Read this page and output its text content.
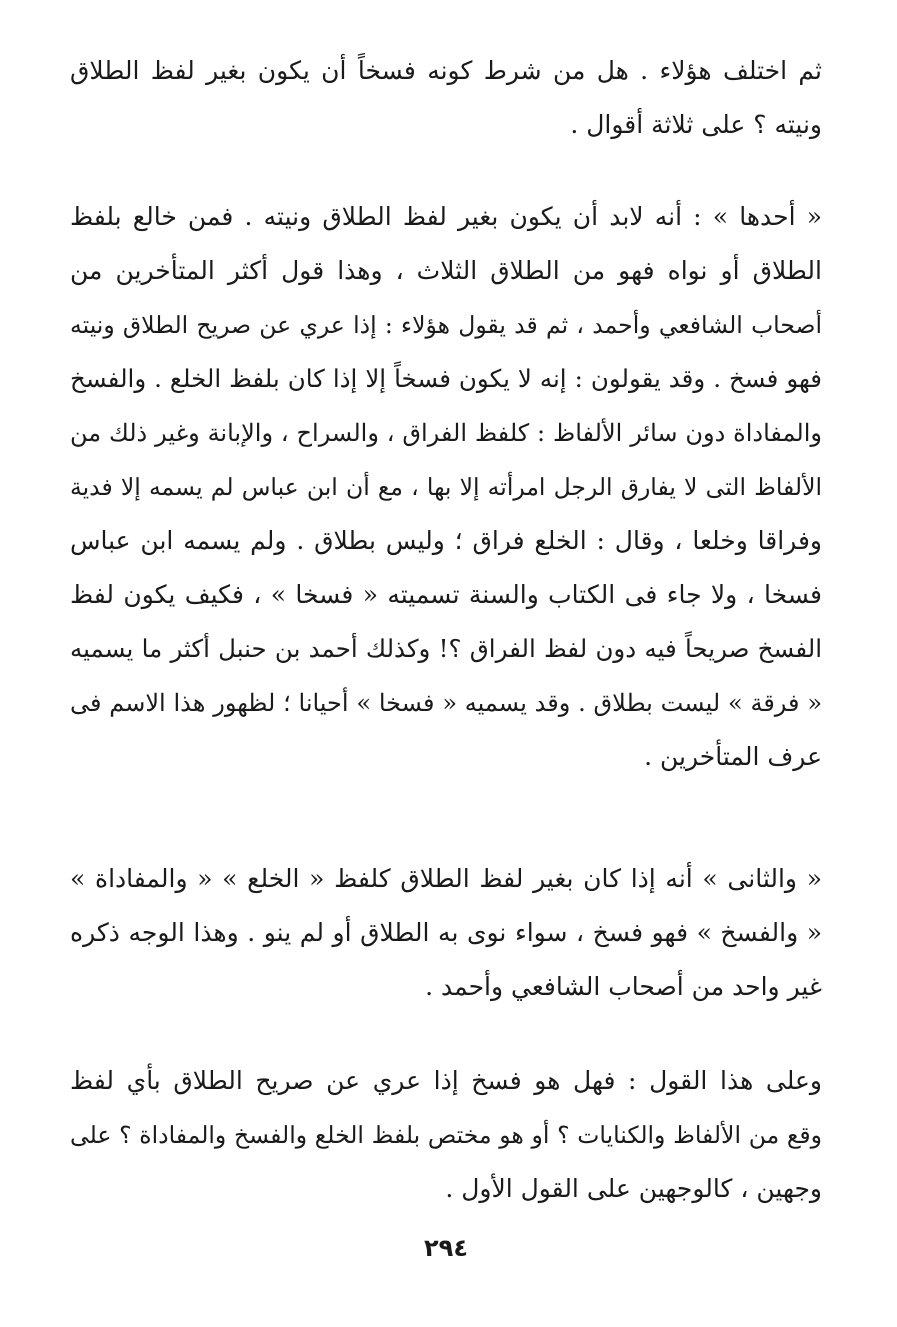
ثم اختلف هؤلاء . هل من شرط كونه فسخاً أن يكون بغير لفظ الطلاق
ونيته ؟ على ثلاثة أقوال .
« أحدها » : أنه لابد أن يكون بغير لفظ الطلاق ونيته . فمن خالع بلفظ
الطلاق أو نواه فهو من الطلاق الثلاث ، وهذا قول أكثر المتأخرين من
أصحاب الشافعي وأحمد ، ثم قد يقول هؤلاء : إذا عري عن صريح الطلاق ونيته
فهو فسخ . وقد يقولون : إنه لا يكون فسخاً إلا إذا كان بلفظ الخلع . والفسخ
والمفاداة دون سائر الألفاظ : كلفظ الفراق ، والسراح ، والإبانة وغير ذلك من
الألفاظ التى لا يفارق الرجل امرأته إلا بها ، مع أن ابن عباس لم يسمه إلا فدية
وفراقا وخلعا ، وقال : الخلع فراق ؛ وليس بطلاق . ولم يسمه ابن عباس
فسخا ، ولا جاء فى الكتاب والسنة تسميته « فسخا » ، فكيف يكون لفظ
الفسخ صريحاً فيه دون لفظ الفراق ؟! وكذلك أحمد بن حنبل أكثر ما يسميه
« فرقة » ليست بطلاق . وقد يسميه « فسخا » أحيانا ؛ لظهور هذا الاسم فى
عرف المتأخرين .
« والثانى » أنه إذا كان بغير لفظ الطلاق كلفظ « الخلع » « والمفاداة »
« والفسخ » فهو فسخ ، سواء نوى به الطلاق أو لم ينو . وهذا الوجه ذكره
غير واحد من أصحاب الشافعي وأحمد .
وعلى هذا القول : فهل هو فسخ إذا عري عن صريح الطلاق بأي لفظ
وقع من الألفاظ والكنايات ؟ أو هو مختص بلفظ الخلع والفسخ والمفاداة ؟ على
وجهين ، كالوجهين على القول الأول .
٢٩٤
